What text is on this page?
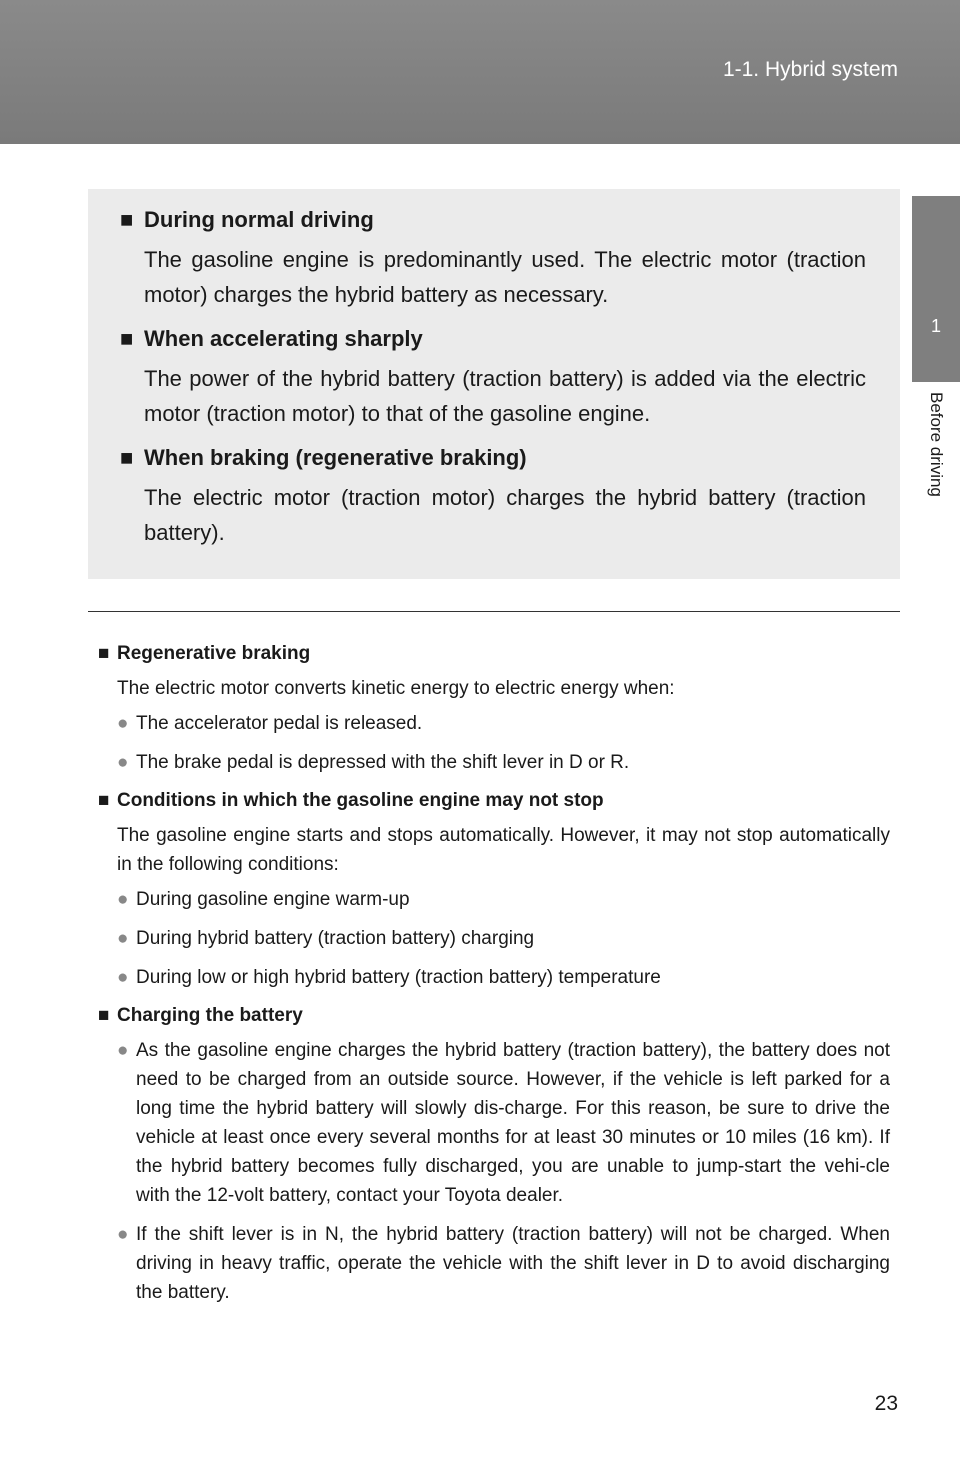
1-1. Hybrid system
1
Before driving
■ During normal driving
The gasoline engine is predominantly used. The electric motor (traction motor) charges the hybrid battery as necessary.
■ When accelerating sharply
The power of the hybrid battery (traction battery) is added via the electric motor (traction motor) to that of the gasoline engine.
■ When braking (regenerative braking)
The electric motor (traction motor) charges the hybrid battery (traction battery).
■ Regenerative braking
The electric motor converts kinetic energy to electric energy when:
● The accelerator pedal is released.
● The brake pedal is depressed with the shift lever in D or R.
■ Conditions in which the gasoline engine may not stop
The gasoline engine starts and stops automatically. However, it may not stop automatically in the following conditions:
● During gasoline engine warm-up
● During hybrid battery (traction battery) charging
● During low or high hybrid battery (traction battery) temperature
■ Charging the battery
● As the gasoline engine charges the hybrid battery (traction battery), the battery does not need to be charged from an outside source. However, if the vehicle is left parked for a long time the hybrid battery will slowly dis-charge. For this reason, be sure to drive the vehicle at least once every several months for at least 30 minutes or 10 miles (16 km). If the hybrid battery becomes fully discharged, you are unable to jump-start the vehi-cle with the 12-volt battery, contact your Toyota dealer.
● If the shift lever is in N, the hybrid battery (traction battery) will not be charged. When driving in heavy traffic, operate the vehicle with the shift lever in D to avoid discharging the battery.
23
